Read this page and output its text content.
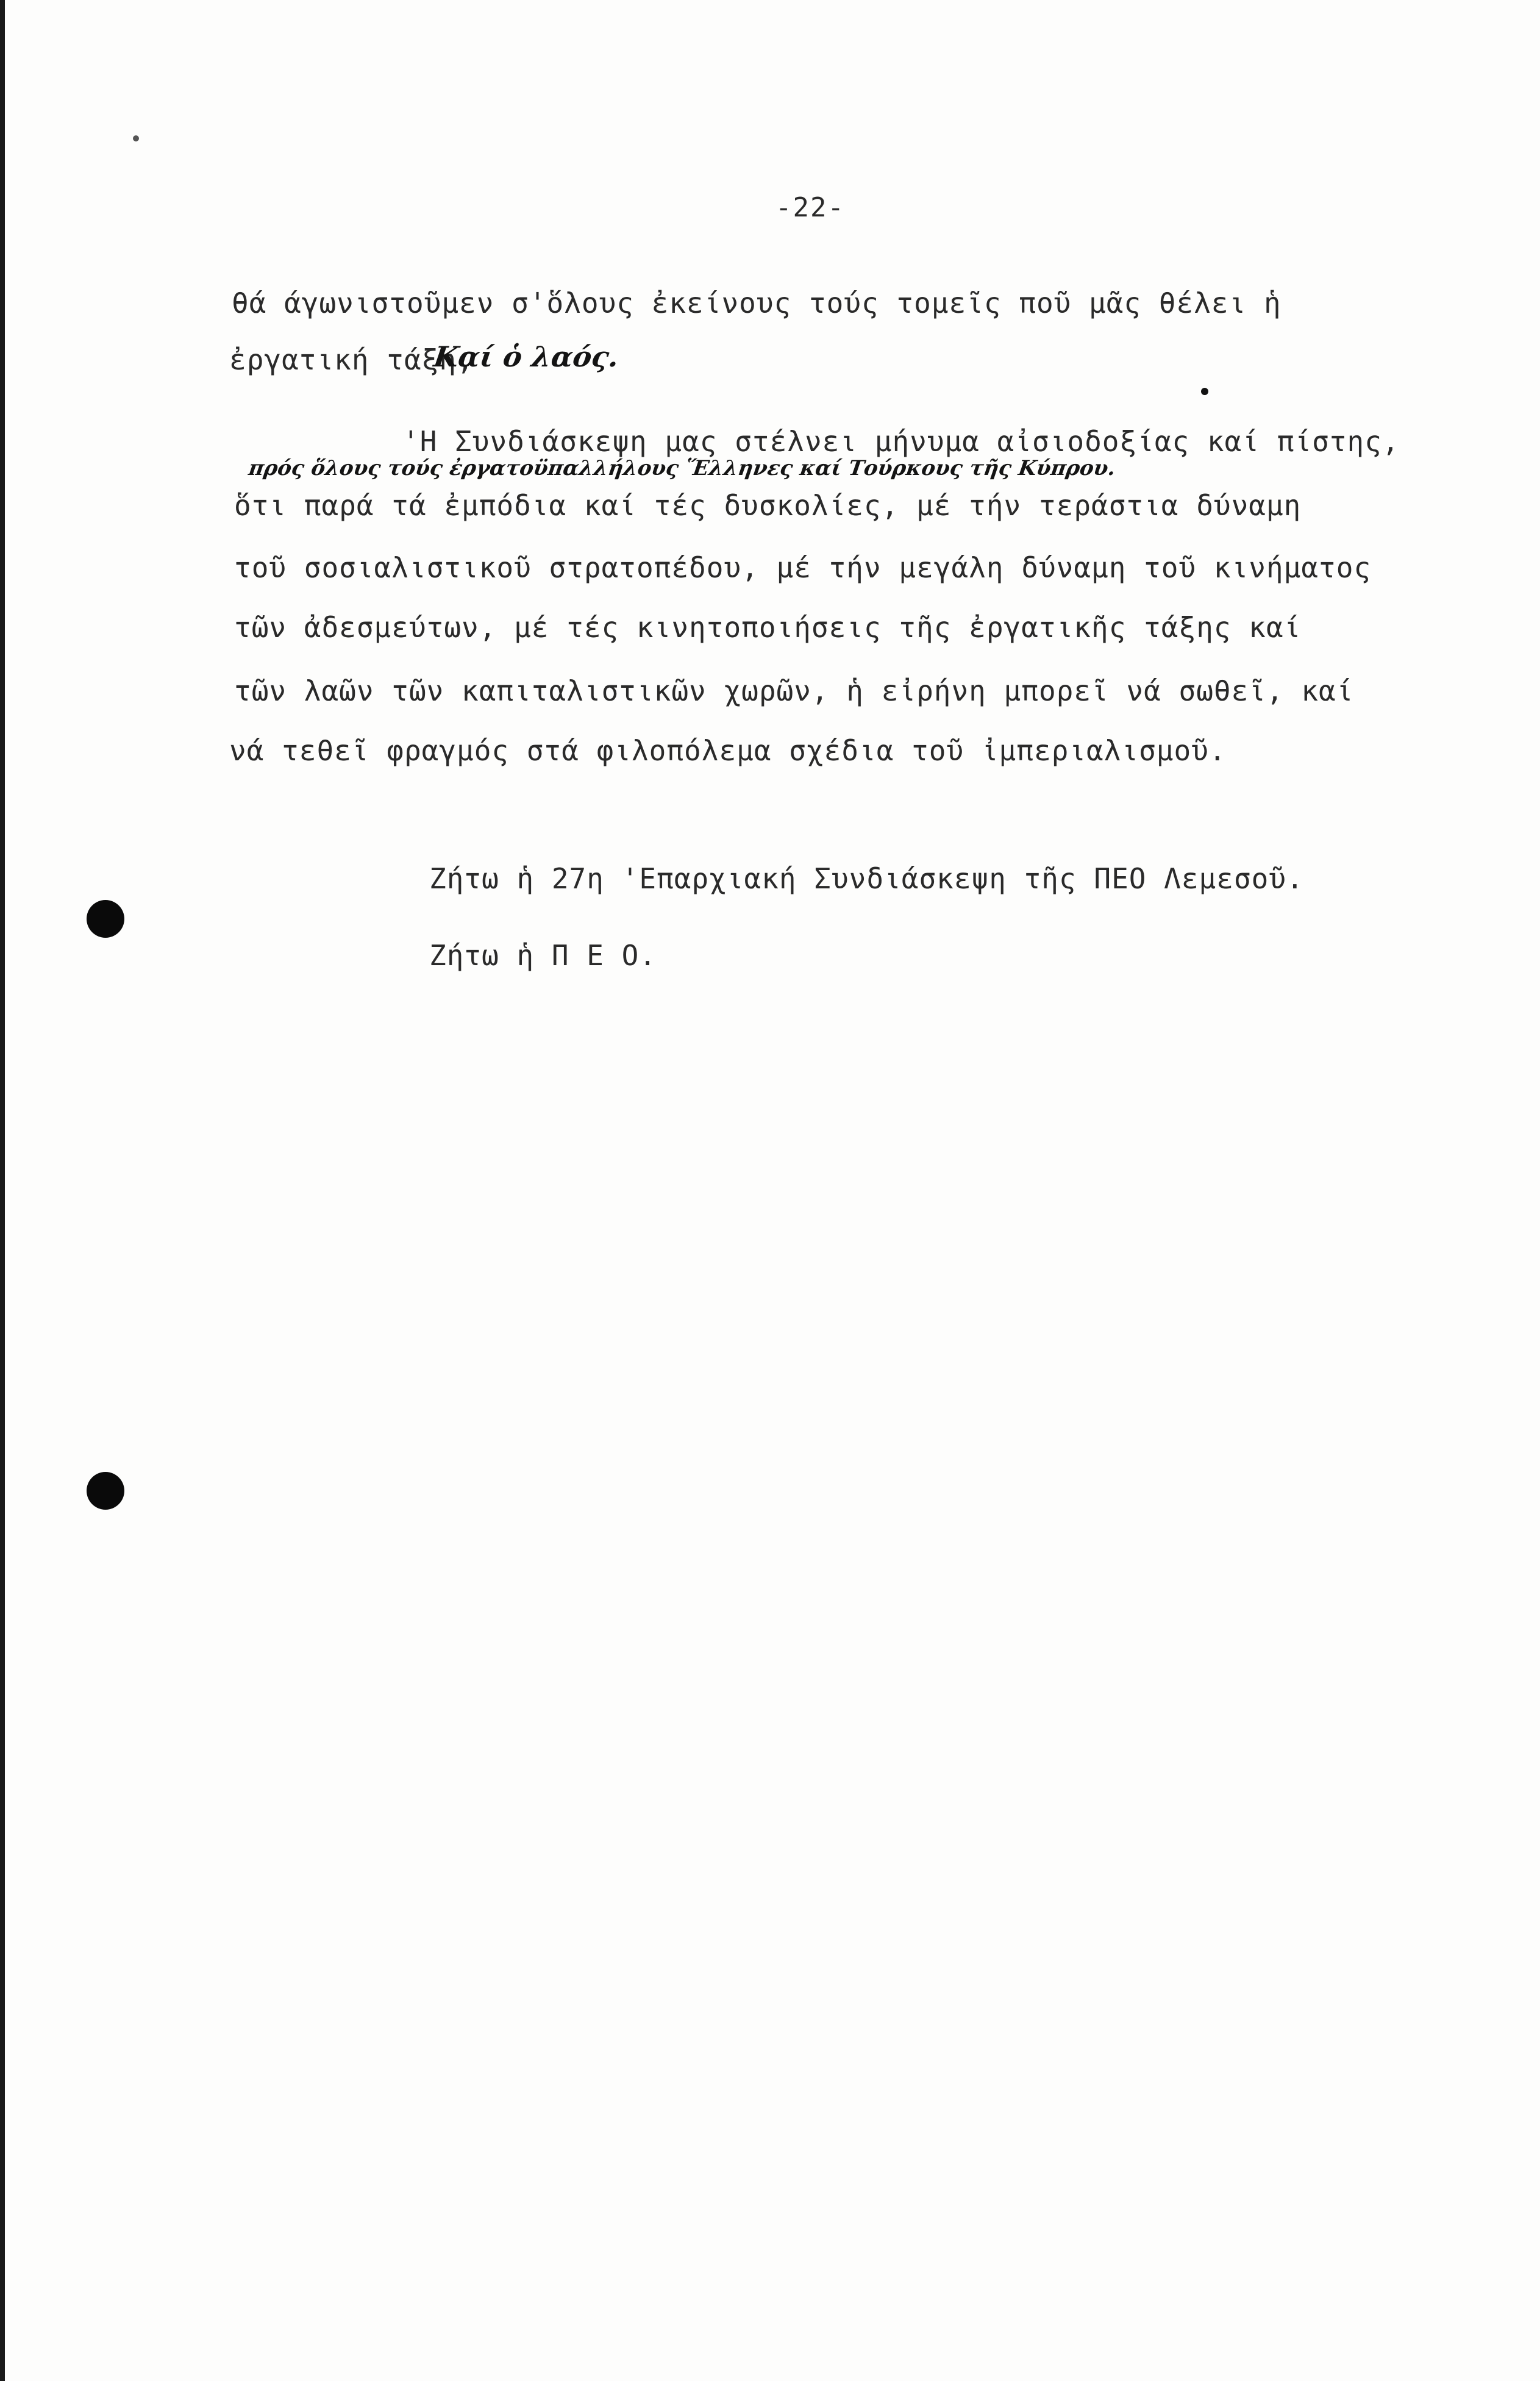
-22-
θά άγωνιστοῦμεν σ'ὅλους ἐκείνους τούς τομεῖς ποῦ μᾶς θέλει ἡ
ἐργατική τάξη,
Καί ὁ λαός.
'Η Συνδιάσκεψη μας στέλνει μήνυμα αἰσιοδοξίας καί πίστης,
πρός ὅλους τούς ἐργατοϋπαλλήλους Ἕλληνες καί Τούρκους τῆς Κύπρου.
ὅτι παρά τά ἐμπόδια καί τές δυσκολίες, μέ τήν τεράστια δύναμη
τοῦ σοσιαλιστικοῦ στρατοπέδου, μέ τήν μεγάλη δύναμη τοῦ κινήματος
τῶν ἀδεσμεύτων, μέ τές κινητοποιήσεις τῆς ἐργατικῆς τάξης καί
τῶν λαῶν τῶν καπιταλιστικῶν χωρῶν, ἡ εἰρήνη μπορεῖ νά σωθεῖ, καί
νά τεθεῖ φραγμός στά φιλοπόλεμα σχέδια τοῦ ἰμπεριαλισμοῦ.
Ζήτω ἡ 27η 'Επαρχιακή Συνδιάσκεψη τῆς ΠΕΟ Λεμεσοῦ.
Ζήτω ἡ Π Ε Ο.
